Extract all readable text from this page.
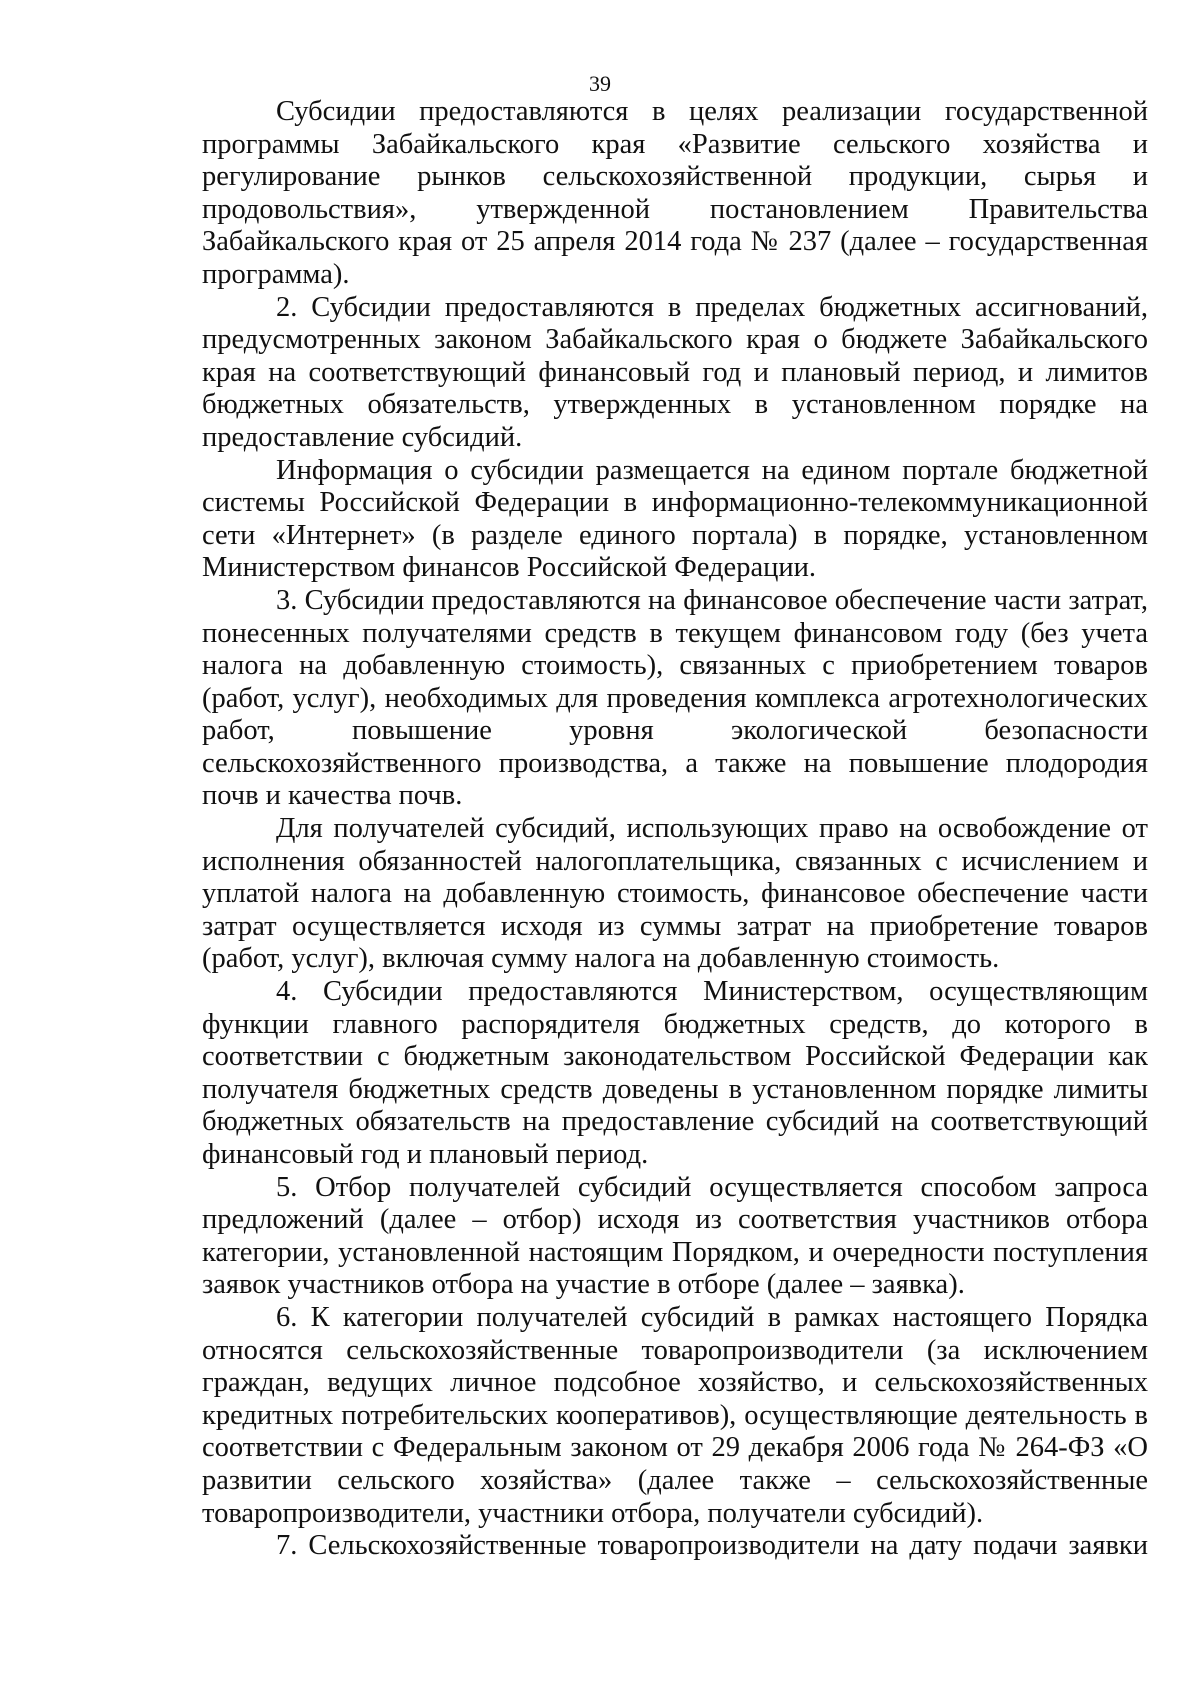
39

Субсидии предоставляются в целях реализации государственной программы Забайкальского края «Развитие сельского хозяйства и регулирование рынков сельскохозяйственной продукции, сырья и продовольствия», утвержденной постановлением Правительства Забайкальского края от 25 апреля 2014 года № 237 (далее – государственная программа).

2. Субсидии предоставляются в пределах бюджетных ассигнований, предусмотренных законом Забайкальского края о бюджете Забайкальского края на соответствующий финансовый год и плановый период, и лимитов бюджетных обязательств, утвержденных в установленном порядке на предоставление субсидий.

Информация о субсидии размещается на едином портале бюджетной системы Российской Федерации в информационно-телекоммуникационной сети «Интернет» (в разделе единого портала) в порядке, установленном Министерством финансов Российской Федерации.

3. Субсидии предоставляются на финансовое обеспечение части затрат, понесенных получателями средств в текущем финансовом году (без учета налога на добавленную стоимость), связанных с приобретением товаров (работ, услуг), необходимых для проведения комплекса агротехнологических работ, повышение уровня экологической безопасности сельскохозяйственного производства, а также на повышение плодородия почв и качества почв.

Для получателей субсидий, использующих право на освобождение от исполнения обязанностей налогоплательщика, связанных с исчислением и уплатой налога на добавленную стоимость, финансовое обеспечение части затрат осуществляется исходя из суммы затрат на приобретение товаров (работ, услуг), включая сумму налога на добавленную стоимость.

4. Субсидии предоставляются Министерством, осуществляющим функции главного распорядителя бюджетных средств, до которого в соответствии с бюджетным законодательством Российской Федерации как получателя бюджетных средств доведены в установленном порядке лимиты бюджетных обязательств на предоставление субсидий на соответствующий финансовый год и плановый период.

5. Отбор получателей субсидий осуществляется способом запроса предложений (далее – отбор) исходя из соответствия участников отбора категории, установленной настоящим Порядком, и очередности поступления заявок участников отбора на участие в отборе (далее – заявка).

6. К категории получателей субсидий в рамках настоящего Порядка относятся сельскохозяйственные товаропроизводители (за исключением граждан, ведущих личное подсобное хозяйство, и сельскохозяйственных кредитных потребительских кооперативов), осуществляющие деятельность в соответствии с Федеральным законом от 29 декабря 2006 года № 264-ФЗ «О развитии сельского хозяйства» (далее также – сельскохозяйственные товаропроизводители, участники отбора, получатели субсидий).

7. Сельскохозяйственные товаропроизводители на дату подачи заявки
